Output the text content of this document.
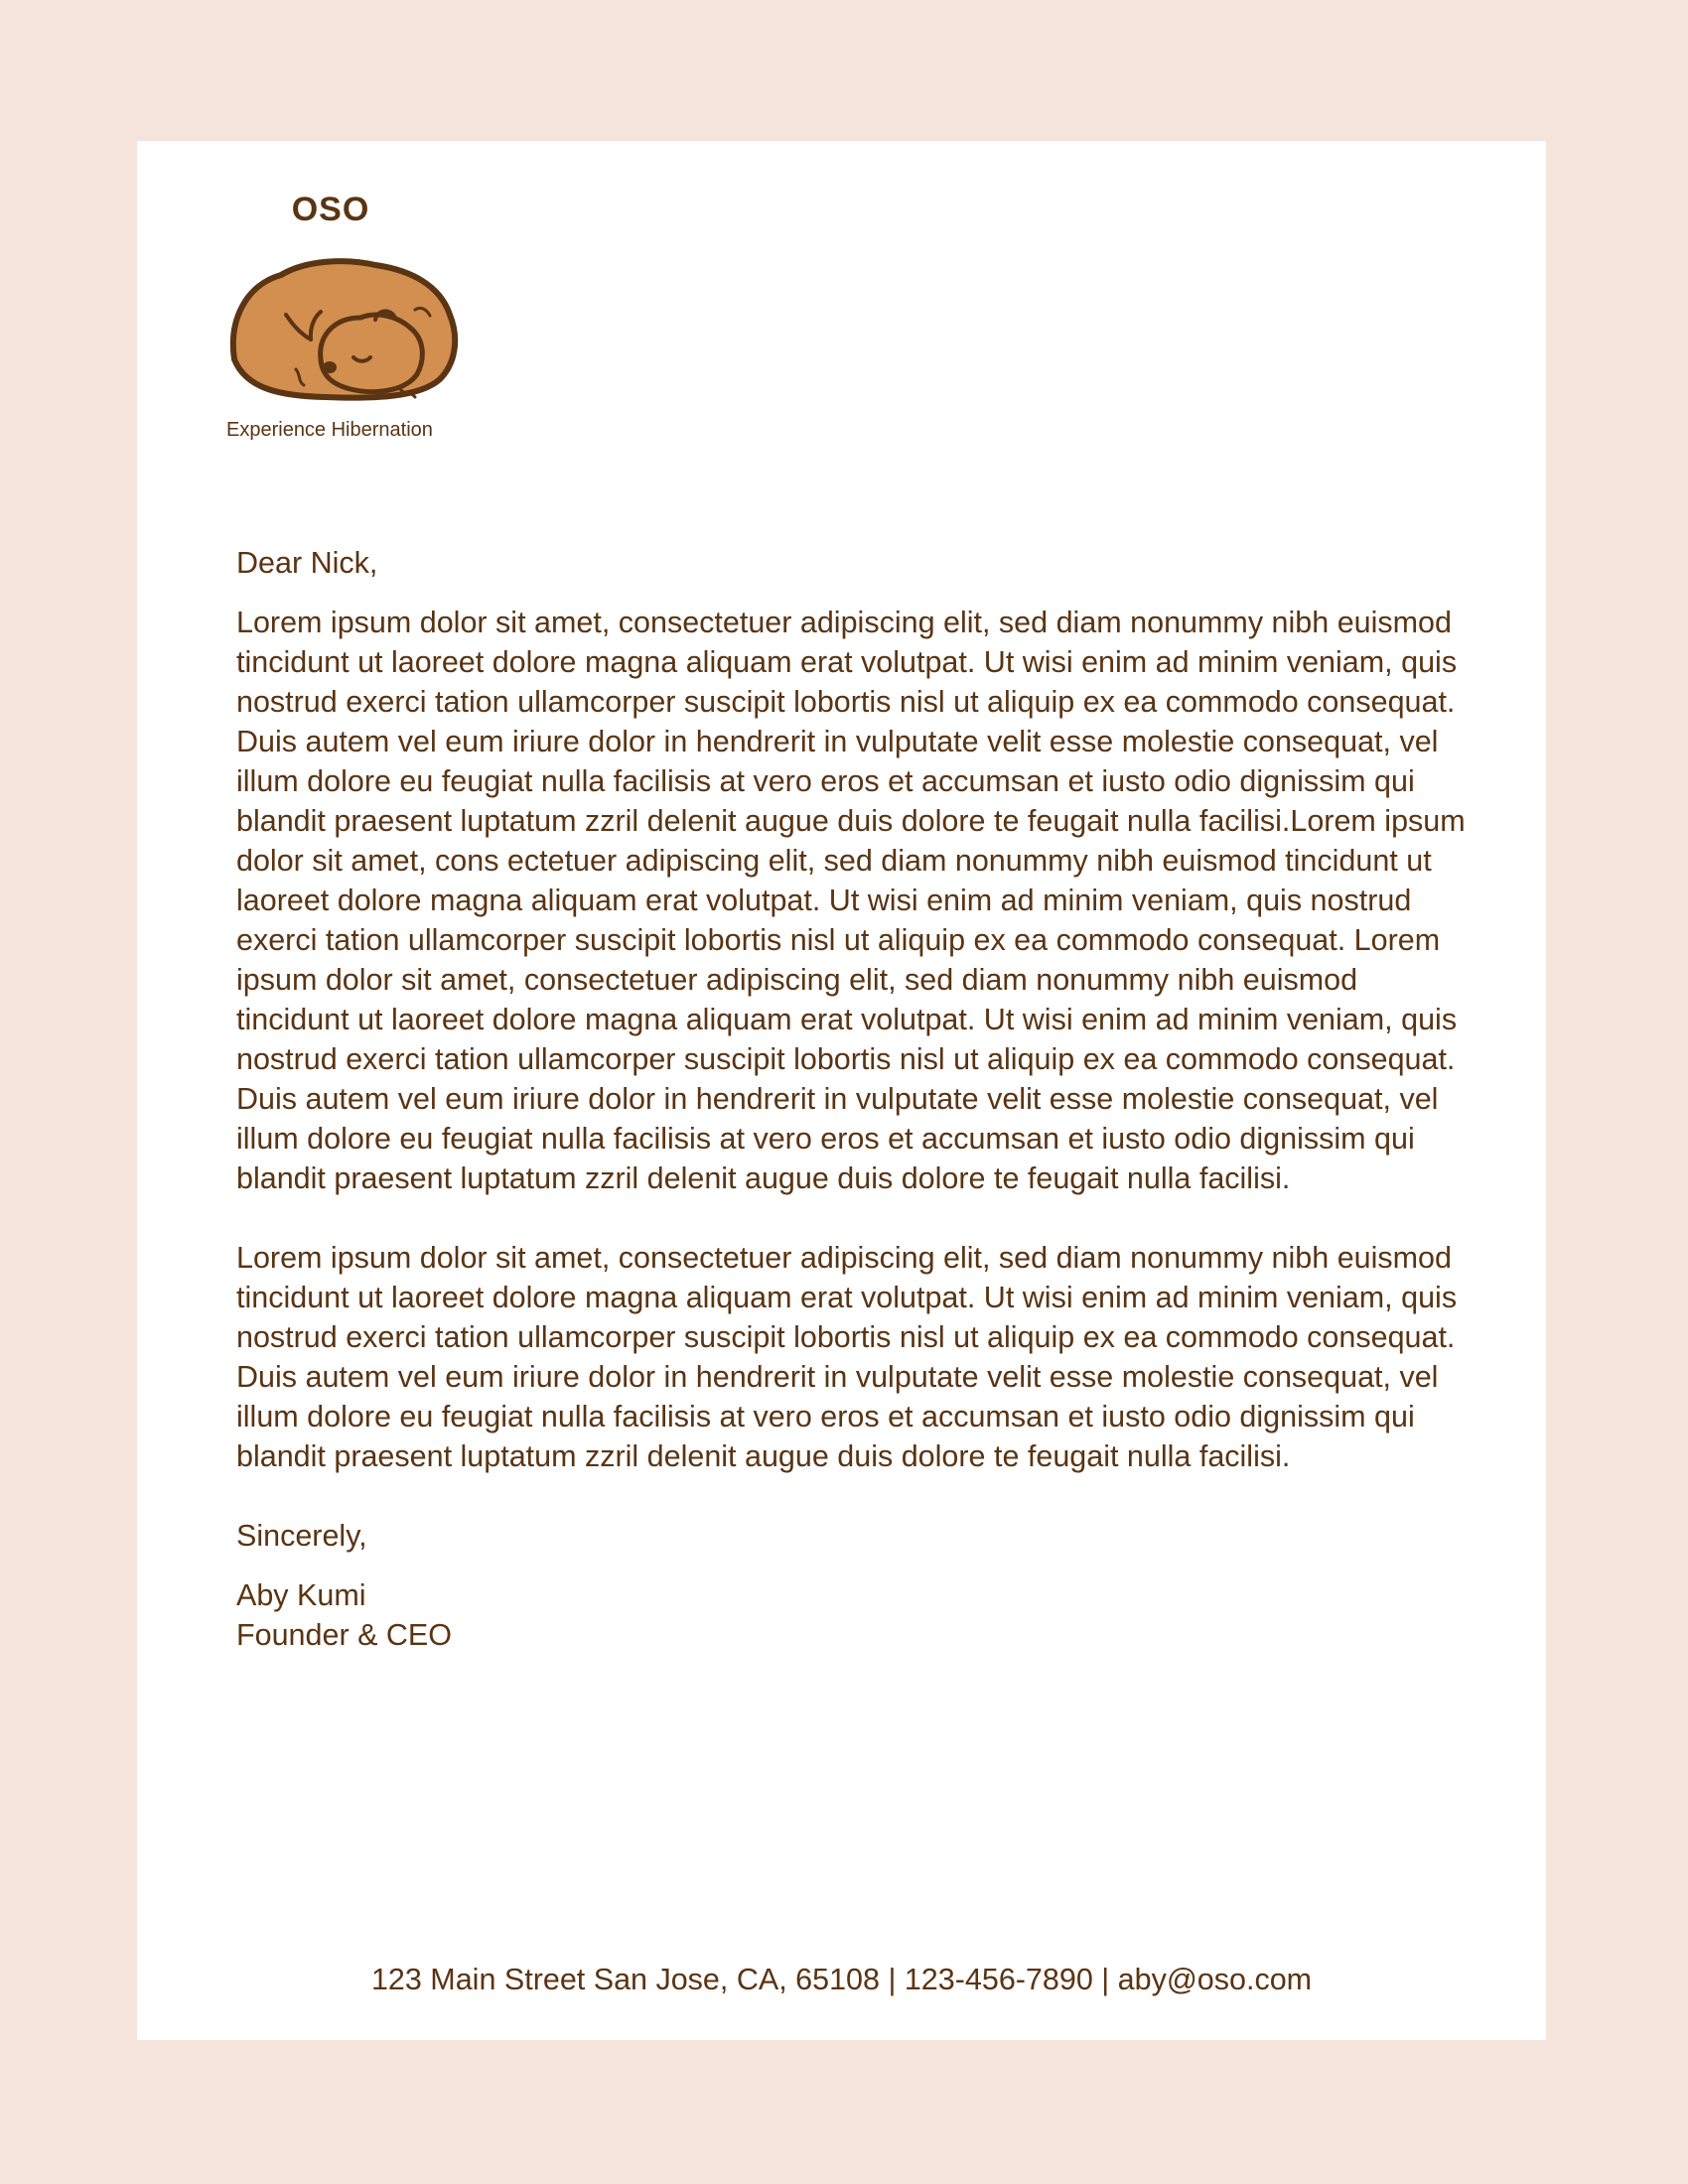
OSO
Experience Hibernation

Dear Nick,

Lorem ipsum dolor sit amet, consectetuer adipiscing elit, sed diam nonummy nibh euismod tincidunt ut laoreet dolore magna aliquam erat volutpat. Ut wisi enim ad minim veniam, quis nostrud exerci tation ullamcorper suscipit lobortis nisl ut aliquip ex ea commodo consequat. Duis autem vel eum iriure dolor in hendrerit in vulputate velit esse molestie consequat, vel illum dolore eu feugiat nulla facilisis at vero eros et accumsan et iusto odio dignissim qui blandit praesent luptatum zzril delenit augue duis dolore te feugait nulla facilisi.Lorem ipsum dolor sit amet, cons ectetuer adipiscing elit, sed diam nonummy nibh euismod tincidunt ut laoreet dolore magna aliquam erat volutpat. Ut wisi enim ad minim veniam, quis nostrud exerci tation ullamcorper suscipit lobortis nisl ut aliquip ex ea commodo consequat. Lorem ipsum dolor sit amet, consectetuer adipiscing elit, sed diam nonummy nibh euismod tincidunt ut laoreet dolore magna aliquam erat volutpat. Ut wisi enim ad minim veniam, quis nostrud exerci tation ullamcorper suscipit lobortis nisl ut aliquip ex ea commodo consequat. Duis autem vel eum iriure dolor in hendrerit in vulputate velit esse molestie consequat, vel illum dolore eu feugiat nulla facilisis at vero eros et accumsan et iusto odio dignissim qui blandit praesent luptatum zzril delenit augue duis dolore te feugait nulla facilisi.

Lorem ipsum dolor sit amet, consectetuer adipiscing elit, sed diam nonummy nibh euismod tincidunt ut laoreet dolore magna aliquam erat volutpat. Ut wisi enim ad minim veniam, quis nostrud exerci tation ullamcorper suscipit lobortis nisl ut aliquip ex ea commodo consequat. Duis autem vel eum iriure dolor in hendrerit in vulputate velit esse molestie consequat, vel illum dolore eu feugiat nulla facilisis at vero eros et accumsan et iusto odio dignissim qui blandit praesent luptatum zzril delenit augue duis dolore te feugait nulla facilisi.

Sincerely,

Aby Kumi

Founder & CEO

123 Main Street San Jose, CA, 65108 | 123-456-7890 | aby@oso.com
